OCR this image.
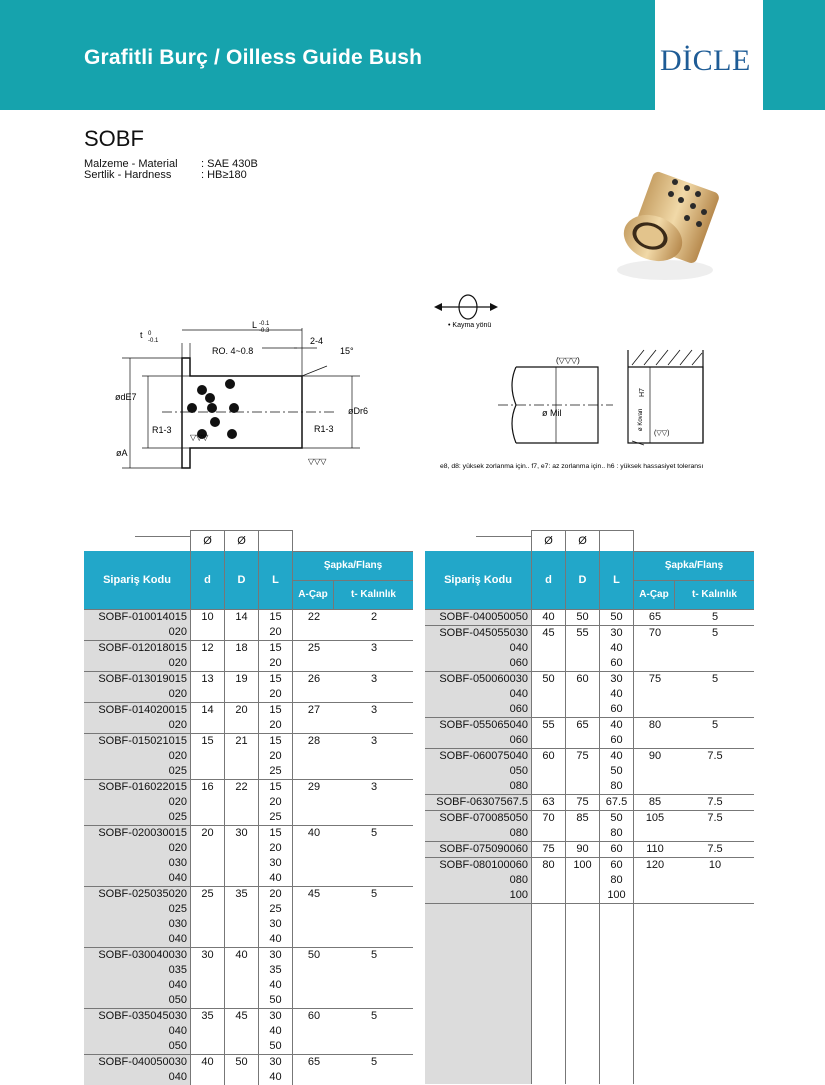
Grafitli Burç / Oilless Guide Bush	DİCLE
SOBF
Malzeme - Material : SAE 430B
Sertlik - Hardness	: HB≥180
t 0
-0.1
L -0.1
-0.3
2-4
RO. 4~0.8	15°
ødE7
øDr6
R1-3	R1-3
øA
▽▽▽
▽▽▽
• Kayma yönü
(▽▽▽)
ø Mil	ø Kovan
H7
(▽▽)
e8, d8: yüksek zorlanma için.. f7, e7: az zorlanma için.. h6 : yüksek hassasiyet toleransı
	Ø	Ø		
Sipariş Kodu	d	D	L	
Şapka/Flanş
A-Çap	t- Kalınlık

SOBF-010014015	10	14	15	22	2
020			20		
SOBF-012018015	12	18	15	25	3
020			20		
SOBF-013019015	13	19	15	26	3
020			20		
SOBF-014020015	14	20	15	27	3
020			20		
SOBF-015021015	15	21	15	28	3
020			20		
025			25		
SOBF-016022015	16	22	15	29	3
020			20		
025			25		
SOBF-020030015	20	30	15	40	5
020			20		
030			30		
040			40		
SOBF-025035020	25	35	20	45	5
025			25		
030			30		
040			40		
SOBF-030040030	30	40	30	50	5
035			35		
040			40		
050			50		
SOBF-035045030	35	45	30	60	5
040			40		
050			50		
SOBF-040050030	40	50	30	65	5
040			40		
	Ø	Ø		
Sipariş Kodu	d	D	L	
Şapka/Flanş
A-Çap	t- Kalınlık

SOBF-040050050	40	50	50	65	5
SOBF-045055030	45	55	30	70	5
040			40		
060			60		
SOBF-050060030	50	60	30	75	5
040			40		
060			60		
SOBF-055065040	55	65	40	80	5
060			60		
SOBF-060075040	60	75	40	90	7.5
050			50		
080			80		
SOBF-06307567.5	63	75	67.5	85	7.5
SOBF-070085050	70	85	50	105	7.5
080			80		
SOBF-075090060	75	90	60	110	7.5
SOBF-080100060	80	100	60	120	10
080			80		
100			100		
